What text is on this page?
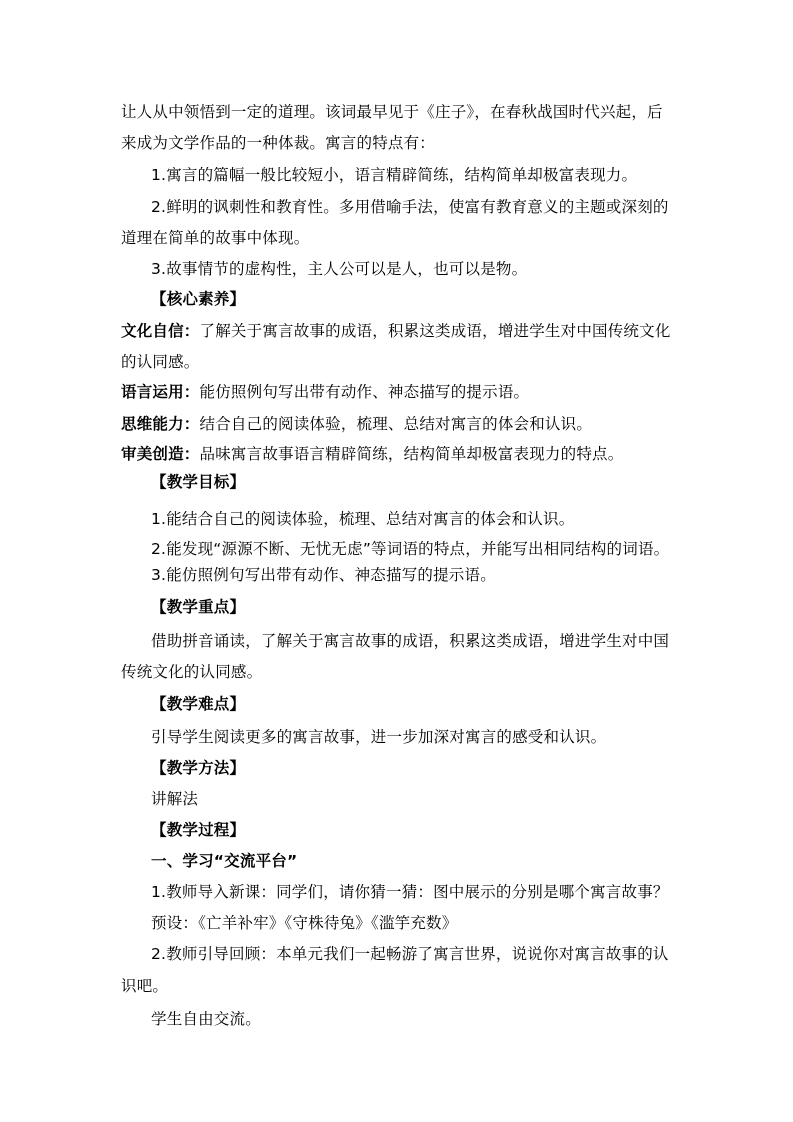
让人从中领悟到一定的道理。该词最早见于《庄子》，在春秋战国时代兴起，后
来成为文学作品的一种体裁。寓言的特点有：
1.寓言的篇幅一般比较短小，语言精辟简练，结构简单却极富表现力。
2.鲜明的讽刺性和教育性。多用借喻手法，使富有教育意义的主题或深刻的
道理在简单的故事中体现。
3.故事情节的虚构性，主人公可以是人，也可以是物。
【核心素养】
文化自信：了解关于寓言故事的成语，积累这类成语，增进学生对中国传统文化
的认同感。
语言运用：能仿照例句写出带有动作、神态描写的提示语。
思维能力：结合自己的阅读体验，梳理、总结对寓言的体会和认识。
审美创造：品味寓言故事语言精辟简练，结构简单却极富表现力的特点。
【教学目标】
1.能结合自己的阅读体验，梳理、总结对寓言的体会和认识。
2.能发现“源源不断、无忧无虑”等词语的特点，并能写出相同结构的词语。
3.能仿照例句写出带有动作、神态描写的提示语。
【教学重点】
借助拼音诵读，了解关于寓言故事的成语，积累这类成语，增进学生对中国
传统文化的认同感。
【教学难点】
引导学生阅读更多的寓言故事，进一步加深对寓言的感受和认识。
【教学方法】
讲解法
【教学过程】
一、学习“交流平台”
1.教师导入新课：同学们，请你猜一猜：图中展示的分别是哪个寓言故事？
预设：《亡羊补牢》《守株待兔》《滥竽充数》
2.教师引导回顾：本单元我们一起畅游了寓言世界，说说你对寓言故事的认
识吧。
学生自由交流。
